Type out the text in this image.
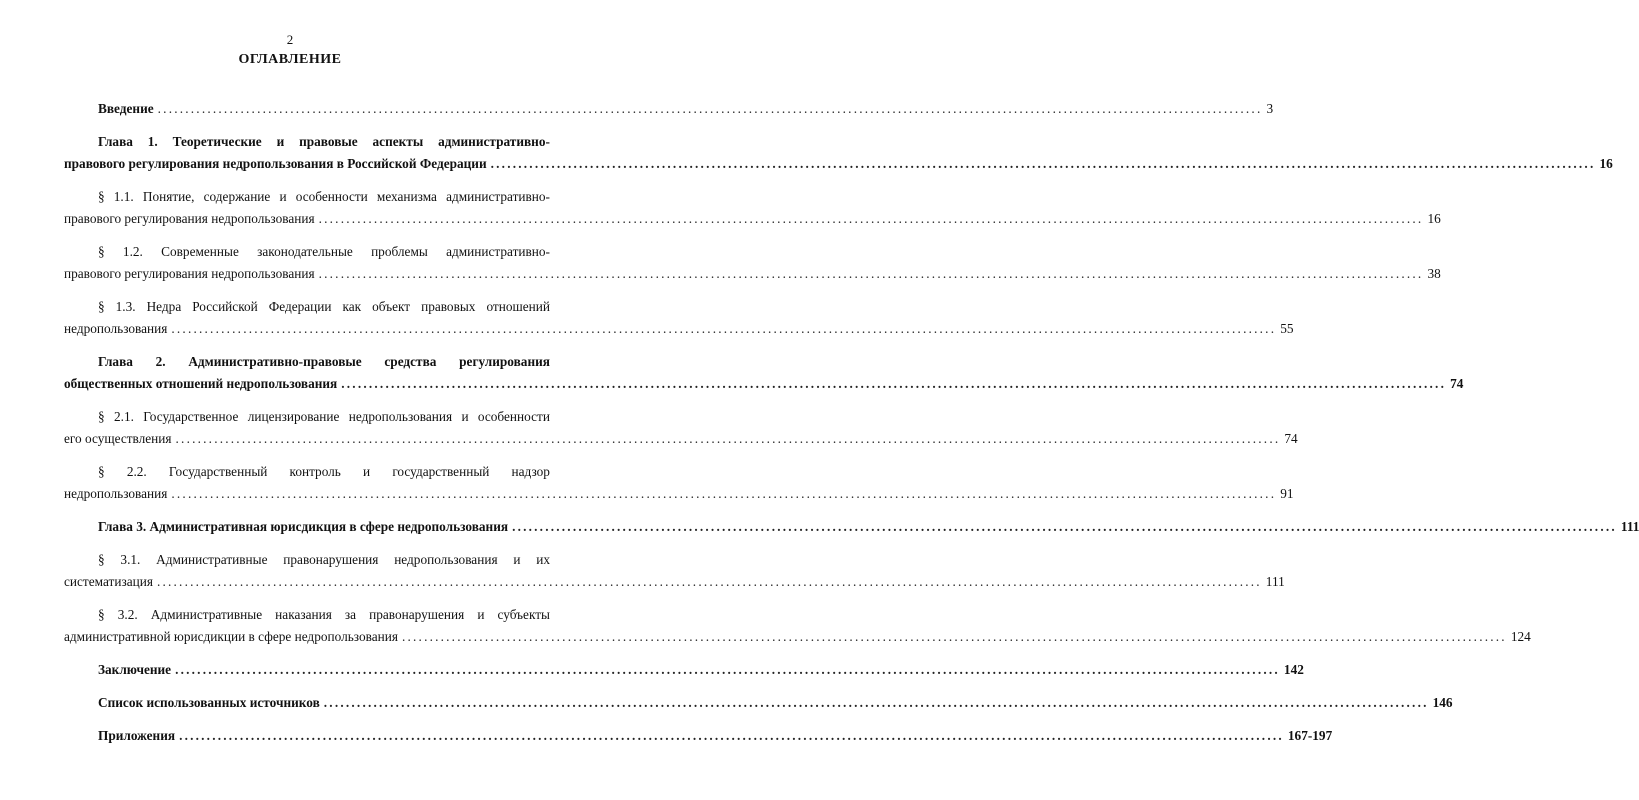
2
ОГЛАВЛЕНИЕ
Введение ........................................................................................................................................................................................................ 3
Глава 1. Теоретические и правовые аспекты административно-
правового регулирования недропользования в Российской Федерации ........................................................................................................................................................................................................ 16
§ 1.1. Понятие, содержание и особенности механизма административно-
правового регулирования недропользования ........................................................................................................................................................................................................ 16
§ 1.2. Современные законодательные проблемы административно-
правового регулирования недропользования ........................................................................................................................................................................................................ 38
§ 1.3. Недра Российской Федерации как объект правовых отношений
недропользования ........................................................................................................................................................................................................ 55
Глава 2. Административно-правовые средства регулирования
общественных отношений недропользования ........................................................................................................................................................................................................ 74
§ 2.1. Государственное лицензирование недропользования и особенности
его осуществления ........................................................................................................................................................................................................ 74
§ 2.2. Государственный контроль и государственный надзор
недропользования ........................................................................................................................................................................................................ 91
Глава 3. Административная юрисдикция в сфере недропользования ........................................................................................................................................................................................................ 111
§ 3.1. Административные правонарушения недропользования и их
систематизация ........................................................................................................................................................................................................ 111
§ 3.2. Административные наказания за правонарушения и субъекты
административной юрисдикции в сфере недропользования ........................................................................................................................................................................................................ 124
Заключение ........................................................................................................................................................................................................ 142
Список использованных источников ........................................................................................................................................................................................................ 146
Приложения ........................................................................................................................................................................................................ 167-197
